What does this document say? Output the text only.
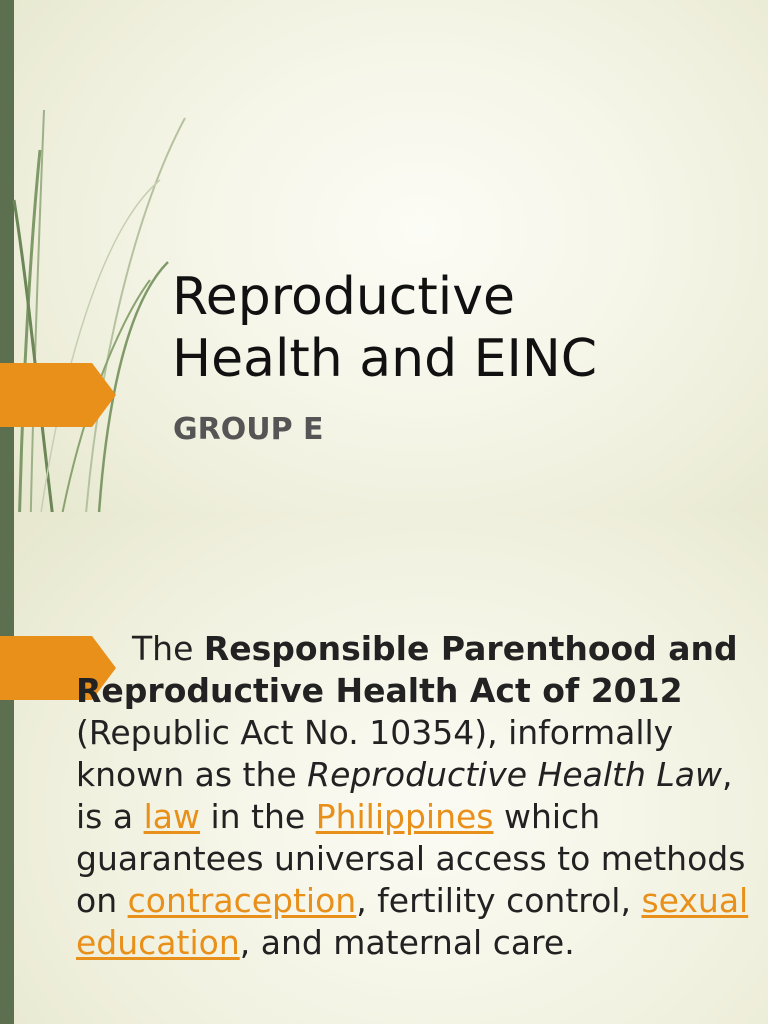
Reproductive
Health and EINC

GROUP E

The Responsible Parenthood and Reproductive Health Act of 2012 (Republic Act No. 10354), informally known as the Reproductive Health Law, is a law in the Philippines which guarantees universal access to methods on contraception, fertility control, sexual education, and maternal care.
